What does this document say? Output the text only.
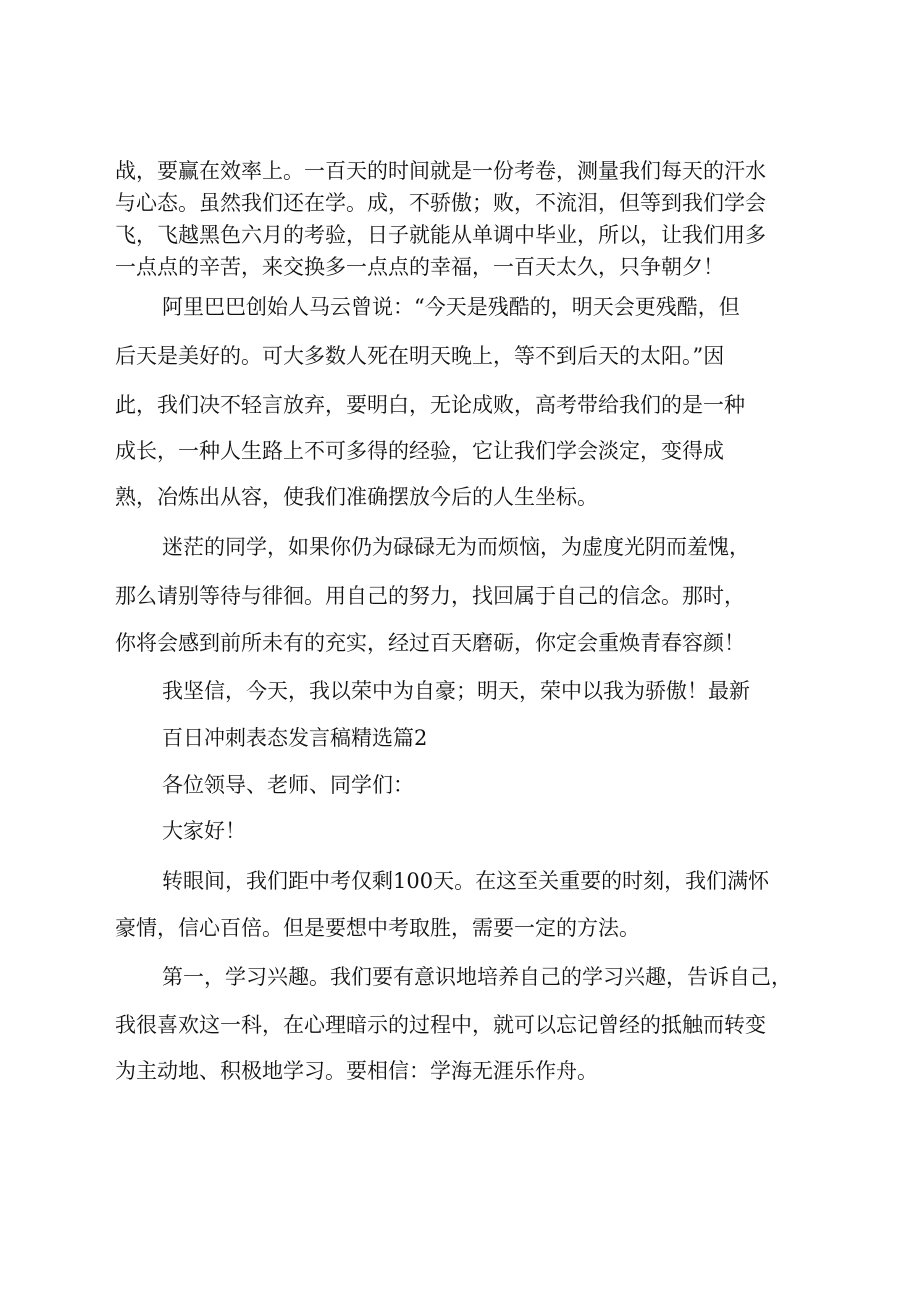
战，要赢在效率上。一百天的时间就是一份考卷，测量我们每天的汗水
与心态。虽然我们还在学。成，不骄傲；败，不流泪，但等到我们学会
飞，飞越黑色六月的考验，日子就能从单调中毕业，所以，让我们用多
一点点的辛苦，来交换多一点点的幸福，一百天太久，只争朝夕！
阿里巴巴创始人马云曾说：“今天是残酷的，明天会更残酷，但
后天是美好的。可大多数人死在明天晚上，等不到后天的太阳。”因
此，我们决不轻言放弃，要明白，无论成败，高考带给我们的是一种
成长，一种人生路上不可多得的经验，它让我们学会淡定，变得成
熟，冶炼出从容，使我们准确摆放今后的人生坐标。
迷茫的同学，如果你仍为碌碌无为而烦恼，为虚度光阴而羞愧，
那么请别等待与徘徊。用自己的努力，找回属于自己的信念。那时，
你将会感到前所未有的充实，经过百天磨砺，你定会重焕青春容颜！
我坚信，今天，我以荣中为自豪；明天，荣中以我为骄傲！最新
百日冲刺表态发言稿精选篇2
各位领导、老师、同学们：
大家好！
转眼间，我们距中考仅剩100天。在这至关重要的时刻，我们满怀
豪情，信心百倍。但是要想中考取胜，需要一定的方法。
第一，学习兴趣。我们要有意识地培养自己的学习兴趣，告诉自己，
我很喜欢这一科，在心理暗示的过程中，就可以忘记曾经的抵触而转变
为主动地、积极地学习。要相信：学海无涯乐作舟。
